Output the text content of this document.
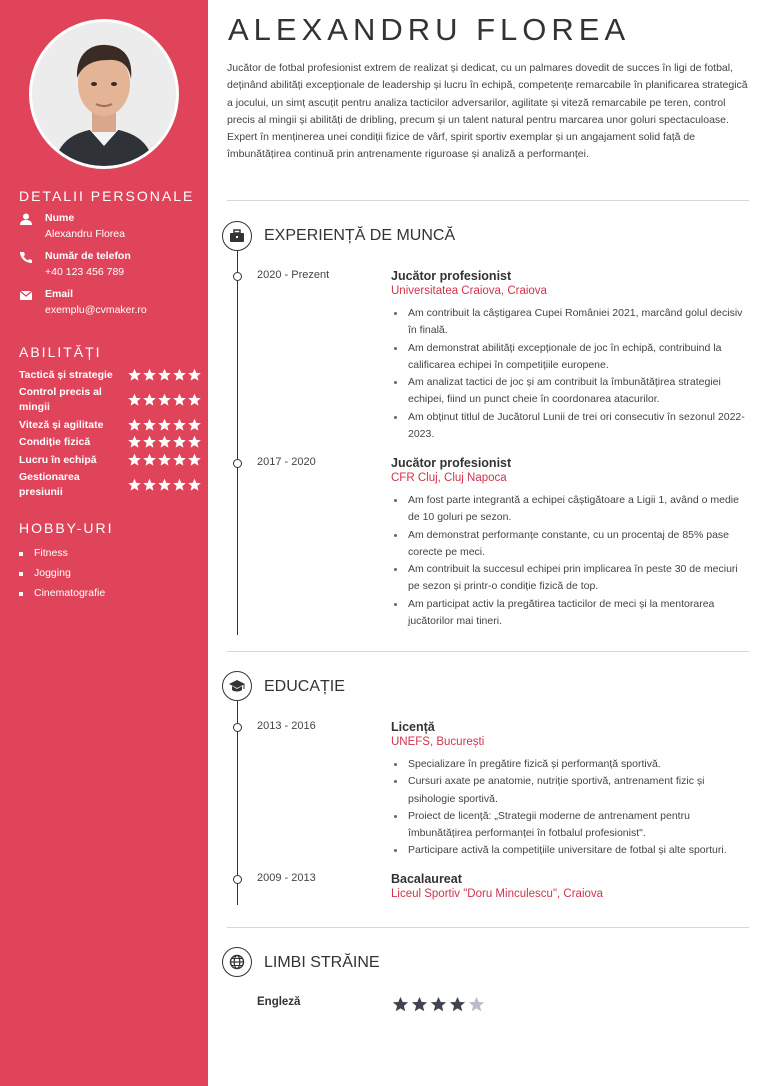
DETALII PERSONALE
Nume
Alexandru Florea
Număr de telefon
+40 123 456 789
Email
exemplu@cvmaker.ro
ABILITĂȚI
Tactică și strategie
Control precis al mingii
Viteză și agilitate
Condiție fizică
Lucru în echipă
Gestionarea presiunii
HOBBY-URI
Fitness
Jogging
Cinematografie
ALEXANDRU FLOREA

Jucător de fotbal profesionist extrem de realizat și dedicat, cu un palmares dovedit de succes în ligi de fotbal, deținând abilități excepționale de leadership și lucru în echipă, competențe remarcabile în planificarea strategică a jocului, un simț ascuțit pentru analiza tacticilor adversarilor, agilitate și viteză remarcabile pe teren, control precis al mingii și abilități de dribling, precum și un talent natural pentru marcarea unor goluri spectaculoase. Expert în menținerea unei condiții fizice de vârf, spirit sportiv exemplar și un angajament solid față de îmbunătățirea continuă prin antrenamente riguroase și analiză a performanței.

EXPERIENȚĂ DE MUNCĂ
2020 - Prezent	Jucător profesionist
Universitatea Craiova, Craiova
Am contribuit la câștigarea Cupei României 2021, marcând golul decisiv în finală.
Am demonstrat abilități excepționale de joc în echipă, contribuind la calificarea echipei în competițiile europene.
Am analizat tactici de joc și am contribuit la îmbunătățirea strategiei echipei, fiind un punct cheie în coordonarea atacurilor.
Am obținut titlul de Jucătorul Lunii de trei ori consecutiv în sezonul 2022-2023.
2017 - 2020	Jucător profesionist
CFR Cluj, Cluj Napoca
Am fost parte integrantă a echipei câștigătoare a Ligii 1, având o medie de 10 goluri pe sezon.
Am demonstrat performanțe constante, cu un procentaj de 85% pase corecte pe meci.
Am contribuit la succesul echipei prin implicarea în peste 30 de meciuri pe sezon și printr-o condiție fizică de top.
Am participat activ la pregătirea tacticilor de meci și la mentorarea jucătorilor mai tineri.
EDUCAȚIE
2013 - 2016	Licență
UNEFS, București
Specializare în pregătire fizică și performanță sportivă.
Cursuri axate pe anatomie, nutriție sportivă, antrenament fizic și psihologie sportivă.
Proiect de licență: „Strategii moderne de antrenament pentru îmbunătățirea performanței în fotbalul profesionist".
Participare activă la competițiile universitare de fotbal și alte sporturi.
2009 - 2013	Bacalaureat
Liceul Sportiv "Doru Minculescu", Craiova
LIMBI STRĂINE
Engleză
